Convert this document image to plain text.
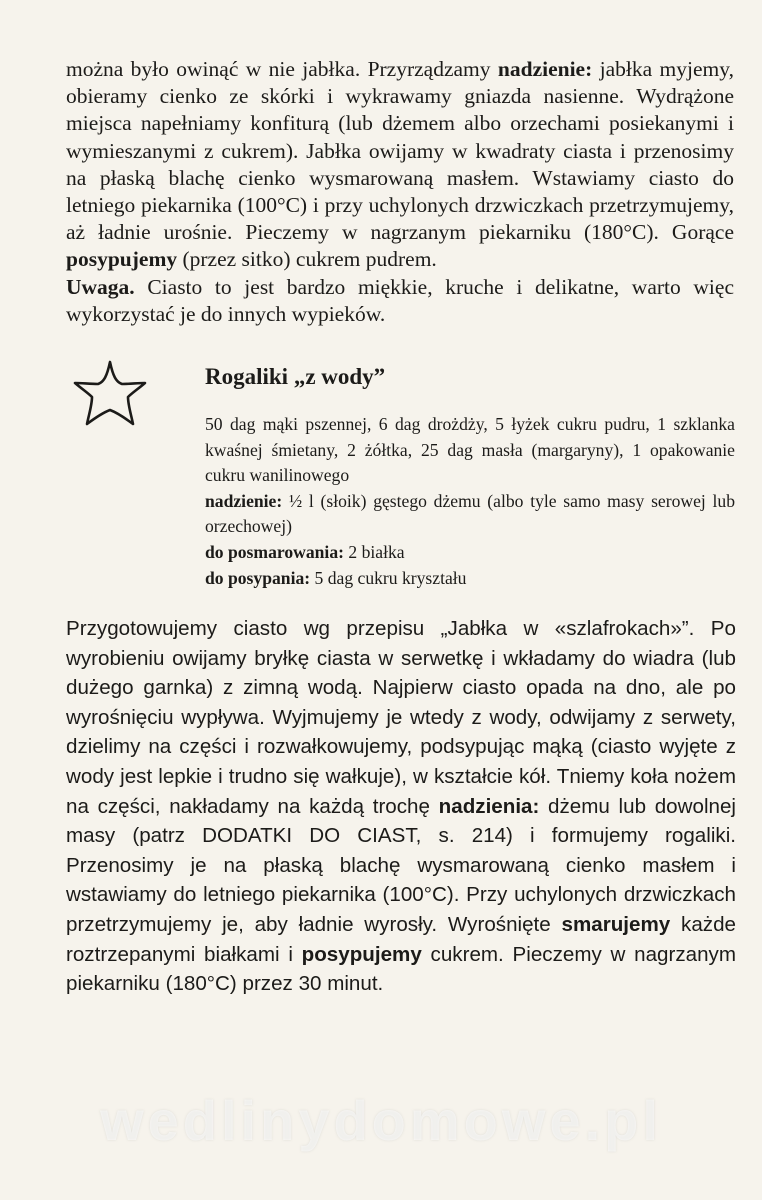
można było owinąć w nie jabłka. Przyrządzamy nadzienie: jabłka myjemy, obieramy cienko ze skórki i wykrawamy gniazda nasienne. Wydrążone miejsca napełniamy konfiturą (lub dżemem albo orzechami posiekanymi i wymieszanymi z cukrem). Jabłka owijamy w kwadraty ciasta i przenosimy na płaską blachę cienko wysmarowaną masłem. Wstawiamy ciasto do letniego piekarnika (100°C) i przy uchylonych drzwiczkach przetrzymujemy, aż ładnie urośnie. Pieczemy w nagrzanym piekarniku (180°C). Gorące posypujemy (przez sitko) cukrem pudrem.

Uwaga. Ciasto to jest bardzo miękkie, kruche i delikatne, warto więc wykorzystać je do innych wypieków.

Rogaliki „z wody”

50 dag mąki pszennej, 6 dag drożdży, 5 łyżek cukru pudru, 1 szklanka kwaśnej śmietany, 2 żółtka, 25 dag masła (margaryny), 1 opakowanie cukru wanilinowego

nadzienie: ½ l (słoik) gęstego dżemu (albo tyle samo masy serowej lub orzechowej)

do posmarowania: 2 białka

do posypania: 5 dag cukru kryształu

Przygotowujemy ciasto wg przepisu „Jabłka w «szlafrokach»”. Po wyrobieniu owijamy bryłkę ciasta w serwetkę i wkładamy do wiadra (lub dużego garnka) z zimną wodą. Najpierw ciasto opada na dno, ale po wyrośnięciu wypływa. Wyjmujemy je wtedy z wody, odwijamy z serwety, dzielimy na części i rozwałkowujemy, podsypując mąką (ciasto wyjęte z wody jest lepkie i trudno się wałkuje), w kształcie kół. Tniemy koła nożem na części, nakładamy na każdą trochę nadzienia: dżemu lub dowolnej masy (patrz DODATKI DO CIAST, s. 214) i formujemy rogaliki. Przenosimy je na płaską blachę wysmarowaną cienko masłem i wstawiamy do letniego piekarnika (100°C). Przy uchylonych drzwiczkach przetrzymujemy je, aby ładnie wyrosły. Wyrośnięte smarujemy każde roztrzepanymi białkami i posypujemy cukrem. Pieczemy w nagrzanym piekarniku (180°C) przez 30 minut.

wedlinydomowe.pl
